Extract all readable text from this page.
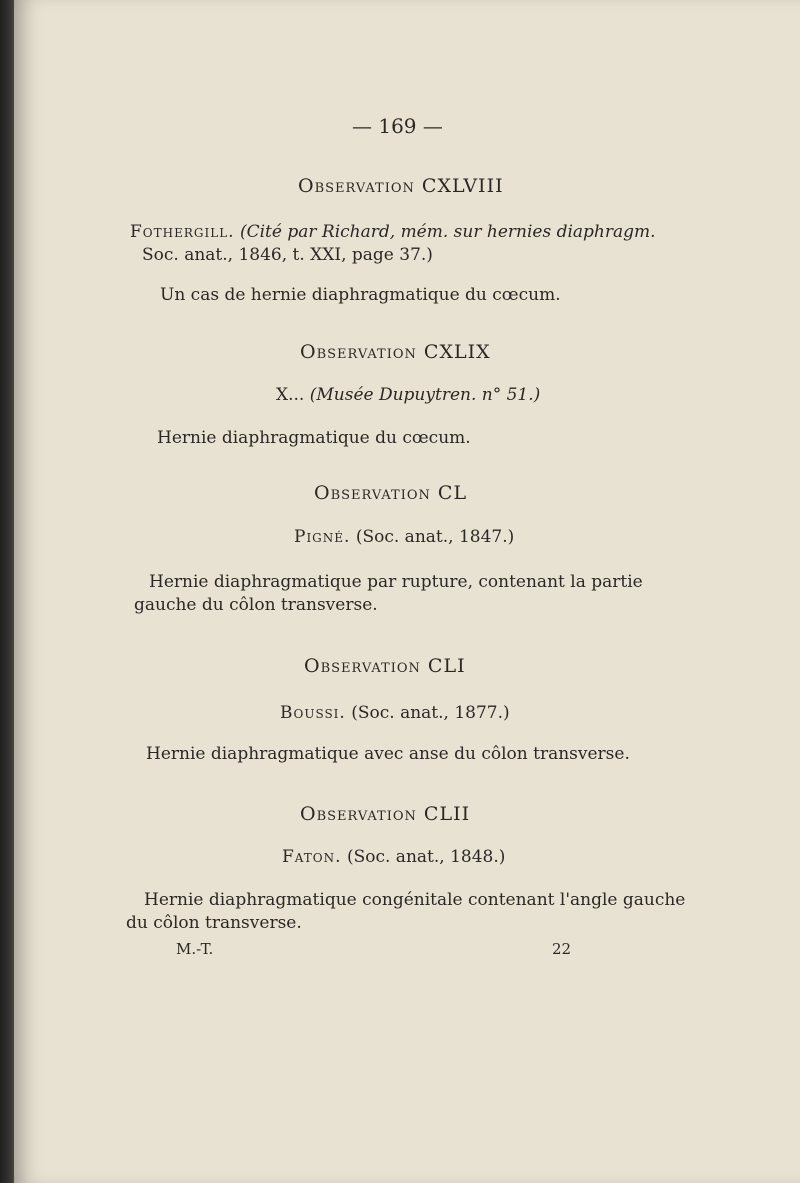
— 169 —
Observation CXLVIII
Fothergill. (Cité par Richard, mém. sur hernies diaphragm.
Soc. anat., 1846, t. XXI, page 37.)
Un cas de hernie diaphragmatique du cœcum.
Observation CXLIX
X... (Musée Dupuytren. n° 51.)
Hernie diaphragmatique du cœcum.
Observation CL
Pigné. (Soc. anat., 1847.)
Hernie diaphragmatique par rupture, contenant la partie
gauche du côlon transverse.
Observation CLI
Boussi. (Soc. anat., 1877.)
Hernie diaphragmatique avec anse du côlon transverse.
Observation CLII
Faton. (Soc. anat., 1848.)
Hernie diaphragmatique congénitale contenant l'angle gauche
du côlon transverse.
M.-T.	22
